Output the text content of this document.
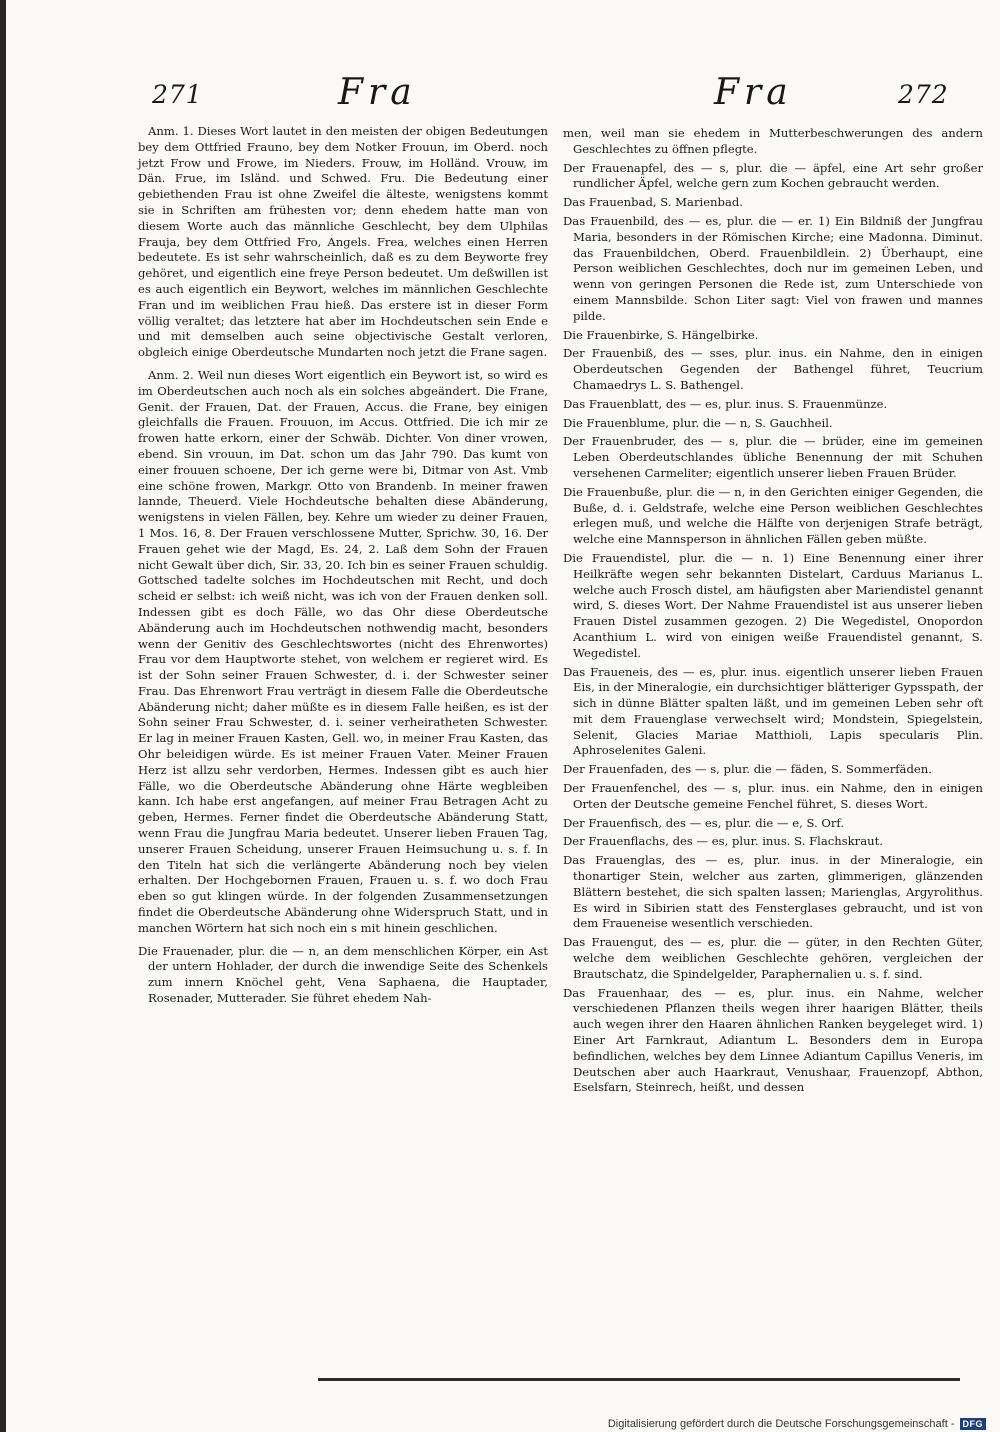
271	Fra	Fra	272

Anm. 1. Dieses Wort lautet in den meisten der obigen Bedeutungen bey dem Ottfried Frauno, bey dem Notker Frouun, im Oberd. noch jetzt Frow und Frowe, im Nieders. Frouw, im Holländ. Vrouw, im Dän. Frue, im Isländ. und Schwed. Fru. Die Bedeutung einer gebiethenden Frau ist ohne Zweifel die älteste, wenigstens kommt sie in Schriften am frühesten vor; denn ehedem hatte man von diesem Worte auch das männliche Geschlecht, bey dem Ulphilas Frauja, bey dem Ottfried Fro, Angels. Frea, welches einen Herren bedeutete. Es ist sehr wahrscheinlich, daß es zu dem Beyworte frey gehöret, und eigentlich eine freye Person bedeutet. Um deßwillen ist es auch eigentlich ein Beywort, welches im männlichen Geschlechte Fran und im weiblichen Frau hieß. Das erstere ist in dieser Form völlig veraltet; das letztere hat aber im Hochdeutschen sein Ende e und mit demselben auch seine objectivische Gestalt verloren, obgleich einige Oberdeutsche Mundarten noch jetzt die Frane sagen.

Anm. 2. Weil nun dieses Wort eigentlich ein Beywort ist, so wird es im Oberdeutschen auch noch als ein solches abgeändert. Die Frane, Genit. der Frauen, Dat. der Frauen, Accus. die Frane, bey einigen gleichfalls die Frauen. Frouuon, im Accus. Ottfried. Die ich mir ze frowen hatte erkorn, einer der Schwäb. Dichter. Von diner vrowen, ebend. Sin vrouun, im Dat. schon um das Jahr 790. Das kumt von einer frouuen schoene, Der ich gerne were bi, Ditmar von Ast. Vmb eine schöne frowen, Markgr. Otto von Brandenb. In meiner frawen lannde, Theuerd. Viele Hochdeutsche behalten diese Abänderung, wenigstens in vielen Fällen, bey. Kehre um wieder zu deiner Frauen, 1 Mos. 16, 8. Der Frauen verschlossene Mutter, Sprichw. 30, 16. Der Frauen gehet wie der Magd, Es. 24, 2. Laß dem Sohn der Frauen nicht Gewalt über dich, Sir. 33, 20. Ich bin es seiner Frauen schuldig. Gottsched tadelte solches im Hochdeutschen mit Recht, und doch scheid er selbst: ich weiß nicht, was ich von der Frauen denken soll. Indessen gibt es doch Fälle, wo das Ohr diese Oberdeutsche Abänderung auch im Hochdeutschen nothwendig macht, besonders wenn der Genitiv des Geschlechtswortes (nicht des Ehrenwortes) Frau vor dem Hauptworte stehet, von welchem er regieret wird. Es ist der Sohn seiner Frauen Schwester, d. i. der Schwester seiner Frau. Das Ehrenwort Frau verträgt in diesem Falle die Oberdeutsche Abänderung nicht; daher müßte es in diesem Falle heißen, es ist der Sohn seiner Frau Schwester, d. i. seiner verheiratheten Schwester. Er lag in meiner Frauen Kasten, Gell. wo, in meiner Frau Kasten, das Ohr beleidigen würde. Es ist meiner Frauen Vater. Meiner Frauen Herz ist allzu sehr verdorben, Hermes. Indessen gibt es auch hier Fälle, wo die Oberdeutsche Abänderung ohne Härte wegbleiben kann. Ich habe erst angefangen, auf meiner Frau Betragen Acht zu geben, Hermes. Ferner findet die Oberdeutsche Abänderung Statt, wenn Frau die Jungfrau Maria bedeutet. Unserer lieben Frauen Tag, unserer Frauen Scheidung, unserer Frauen Heimsuchung u. s. f. In den Titeln hat sich die verlängerte Abänderung noch bey vielen erhalten. Der Hochgebornen Frauen, Frauen u. s. f. wo doch Frau eben so gut klingen würde. In der folgenden Zusammensetzungen findet die Oberdeutsche Abänderung ohne Widerspruch Statt, und in manchen Wörtern hat sich noch ein s mit hinein geschlichen.

Die Frauenader, plur. die — n, an dem menschlichen Körper, ein Ast der untern Hohlader, der durch die inwendige Seite des Schenkels zum innern Knöchel geht, Vena Saphaena, die Hauptader, Rosenader, Mutterader. Sie führet ehedem Nah-

men, weil man sie ehedem in Mutterbeschwerungen des andern Geschlechtes zu öffnen pflegte.

Der Frauenapfel, des — s, plur. die — äpfel, eine Art sehr großer rundlicher Äpfel, welche gern zum Kochen gebraucht werden.

Das Frauenbad, S. Marienbad.

Das Frauenbild, des — es, plur. die — er. 1) Ein Bildniß der Jungfrau Maria, besonders in der Römischen Kirche; eine Madonna. Diminut. das Frauenbildchen, Oberd. Frauenbildlein. 2) Überhaupt, eine Person weiblichen Geschlechtes, doch nur im gemeinen Leben, und wenn von geringen Personen die Rede ist, zum Unterschiede von einem Mannsbilde. Schon Liter sagt: Viel von frawen und mannes pilde.

Die Frauenbirke, S. Hängelbirke.

Der Frauenbiß, des — sses, plur. inus. ein Nahme, den in einigen Oberdeutschen Gegenden der Bathengel führet, Teucrium Chamaedrys L. S. Bathengel.

Das Frauenblatt, des — es, plur. inus. S. Frauenmünze.

Die Frauenblume, plur. die — n, S. Gauchheil.

Der Frauenbruder, des — s, plur. die — brüder, eine im gemeinen Leben Oberdeutschlandes übliche Benennung der mit Schuhen versehenen Carmeliter; eigentlich unserer lieben Frauen Brüder.

Die Frauenbuße, plur. die — n, in den Gerichten einiger Gegenden, die Buße, d. i. Geldstrafe, welche eine Person weiblichen Geschlechtes erlegen muß, und welche die Hälfte von derjenigen Strafe beträgt, welche eine Mannsperson in ähnlichen Fällen geben müßte.

Die Frauendistel, plur. die — n. 1) Eine Benennung einer ihrer Heilkräfte wegen sehr bekannten Distelart, Carduus Marianus L. welche auch Frosch distel, am häufigsten aber Mariendistel genannt wird, S. dieses Wort. Der Nahme Frauendistel ist aus unserer lieben Frauen Distel zusammen gezogen. 2) Die Wegedistel, Onopordon Acanthium L. wird von einigen weiße Frauendistel genannt, S. Wegedistel.

Das Fraueneis, des — es, plur. inus. eigentlich unserer lieben Frauen Eis, in der Mineralogie, ein durchsichtiger blätteriger Gypsspath, der sich in dünne Blätter spalten läßt, und im gemeinen Leben sehr oft mit dem Frauenglase verwechselt wird; Mondstein, Spiegelstein, Selenit, Glacies Mariae Matthioli, Lapis specularis Plin. Aphroselenites Galeni.

Der Frauenfaden, des — s, plur. die — fäden, S. Sommerfäden.

Der Frauenfenchel, des — s, plur. inus. ein Nahme, den in einigen Orten der Deutsche gemeine Fenchel führet, S. dieses Wort.

Der Frauenfisch, des — es, plur. die — e, S. Orf.

Der Frauenflachs, des — es, plur. inus. S. Flachskraut.

Das Frauenglas, des — es, plur. inus. in der Mineralogie, ein thonartiger Stein, welcher aus zarten, glimmerigen, glänzenden Blättern bestehet, die sich spalten lassen; Marienglas, Argyrolithus. Es wird in Sibirien statt des Fensterglases gebraucht, und ist von dem Fraueneise wesentlich verschieden.

Das Frauengut, des — es, plur. die — güter, in den Rechten Güter, welche dem weiblichen Geschlechte gehören, vergleichen der Brautschatz, die Spindelgelder, Paraphernalien u. s. f. sind.

Das Frauenhaar, des — es, plur. inus. ein Nahme, welcher verschiedenen Pflanzen theils wegen ihrer haarigen Blätter, theils auch wegen ihrer den Haaren ähnlichen Ranken beygeleget wird. 1) Einer Art Farnkraut, Adiantum L. Besonders dem in Europa befindlichen, welches bey dem Linnee Adiantum Capillus Veneris, im Deutschen aber auch Haarkraut, Venushaar, Frauenzopf, Abthon, Eselsfarn, Steinrech, heißt, und dessen

Digitalisierung gefördert durch die Deutsche Forschungsgemeinschaft - DFG
